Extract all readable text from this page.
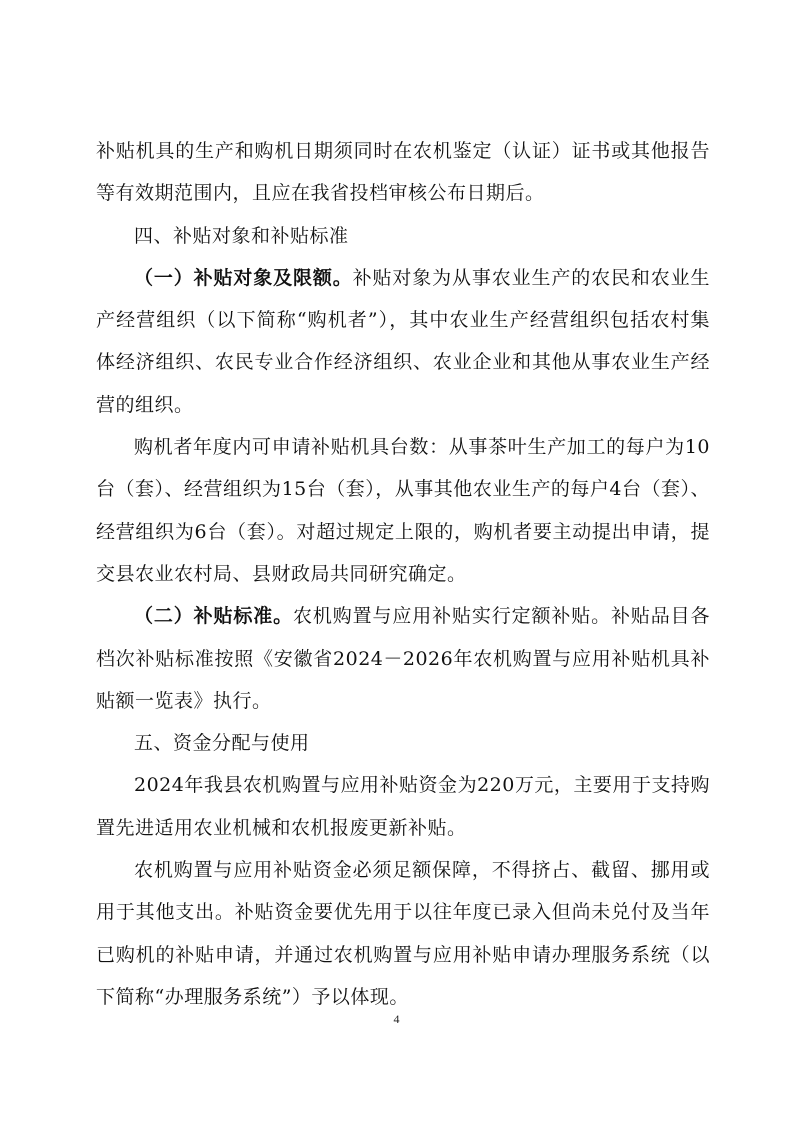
补贴机具的生产和购机日期须同时在农机鉴定（认证）证书或其他报告等有效期范围内，且应在我省投档审核公布日期后。

四、补贴对象和补贴标准

（一）补贴对象及限额。补贴对象为从事农业生产的农民和农业生产经营组织（以下简称“购机者”），其中农业生产经营组织包括农村集体经济组织、农民专业合作经济组织、农业企业和其他从事农业生产经营的组织。

购机者年度内可申请补贴机具台数：从事茶叶生产加工的每户为10台（套）、经营组织为15台（套），从事其他农业生产的每户4台（套）、经营组织为6台（套）。对超过规定上限的，购机者要主动提出申请，提交县农业农村局、县财政局共同研究确定。

（二）补贴标准。农机购置与应用补贴实行定额补贴。补贴品目各档次补贴标准按照《安徽省2024－2026年农机购置与应用补贴机具补贴额一览表》执行。

五、资金分配与使用

2024年我县农机购置与应用补贴资金为220万元，主要用于支持购置先进适用农业机械和农机报废更新补贴。

农机购置与应用补贴资金必须足额保障，不得挤占、截留、挪用或用于其他支出。补贴资金要优先用于以往年度已录入但尚未兑付及当年已购机的补贴申请，并通过农机购置与应用补贴申请办理服务系统（以下简称“办理服务系统”）予以体现。

4
